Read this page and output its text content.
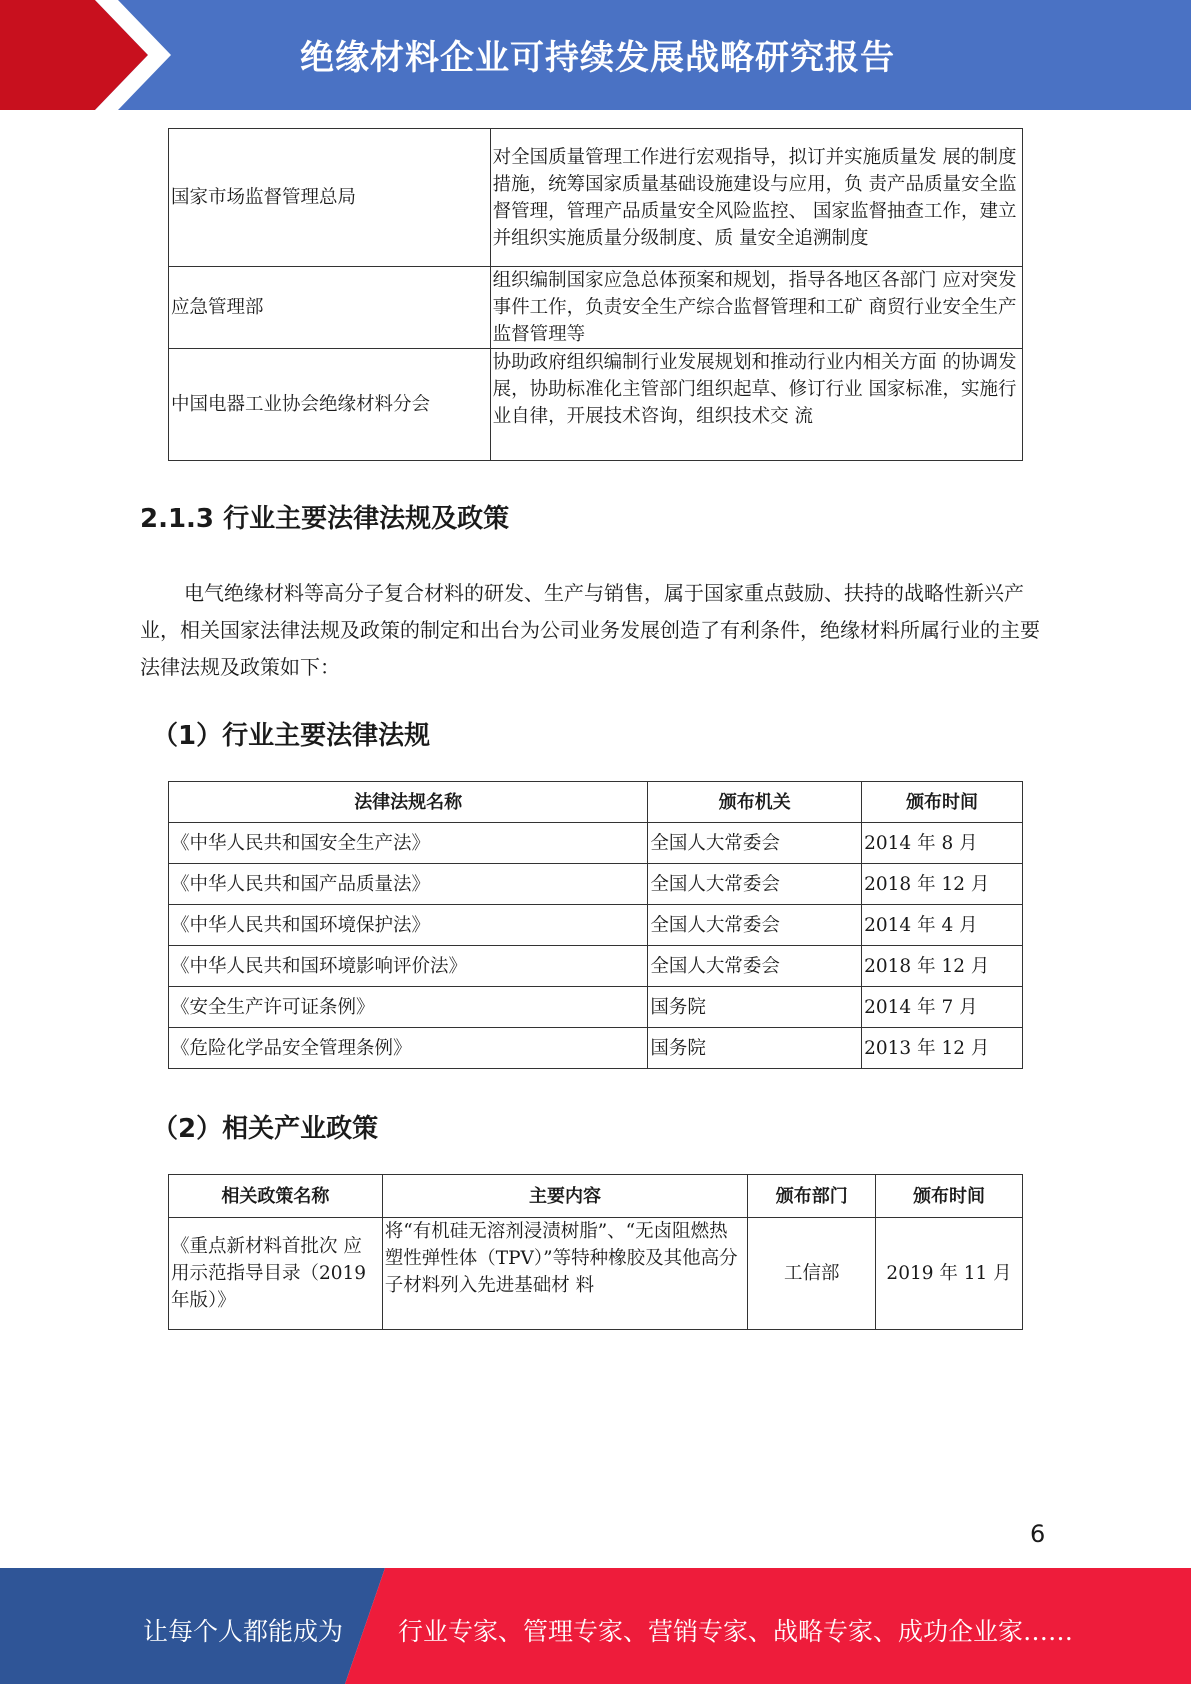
绝缘材料企业可持续发展战略研究报告
国家市场监督管理总局	对全国质量管理工作进行宏观指导，拟订并实施质量发 展的制度措施，统筹国家质量基础设施建设与应用，负 责产品质量安全监督管理，管理产品质量安全风险监控、 国家监督抽查工作，建立并组织实施质量分级制度、质 量安全追溯制度
应急管理部	组织编制国家应急总体预案和规划，指导各地区各部门 应对突发事件工作，负责安全生产综合监督管理和工矿 商贸行业安全生产监督管理等
中国电器工业协会绝缘材料分会	协助政府组织编制行业发展规划和推动行业内相关方面 的协调发展，协助标准化主管部门组织起草、修订行业 国家标准，实施行业自律，开展技术咨询，组织技术交 流
2.1.3 行业主要法律法规及政策
电气绝缘材料等高分子复合材料的研发、生产与销售，属于国家重点鼓励、扶持的战略性新兴产业，相关国家法律法规及政策的制定和出台为公司业务发展创造了有利条件，绝缘材料所属行业的主要法律法规及政策如下：
（1）行业主要法律法规
法律法规名称	颁布机关	颁布时间
《中华人民共和国安全生产法》	全国人大常委会	2014 年 8 月
《中华人民共和国产品质量法》	全国人大常委会	2018 年 12 月
《中华人民共和国环境保护法》	全国人大常委会	2014 年 4 月
《中华人民共和国环境影响评价法》	全国人大常委会	2018 年 12 月
《安全生产许可证条例》	国务院	2014 年 7 月
《危险化学品安全管理条例》	国务院	2013 年 12 月
（2）相关产业政策
相关政策名称	主要内容	颁布部门	颁布时间
《重点新材料首批次 应用示范指导目录（2019 年版）》	将“有机硅无溶剂浸渍树脂”、“无卤阻燃热塑性弹性体（TPV）”等特种橡胶及其他高分子材料列入先进基础材 料	工信部	2019 年 11 月
6
让每个人都能成为 行业专家、管理专家、营销专家、战略专家、成功企业家……
